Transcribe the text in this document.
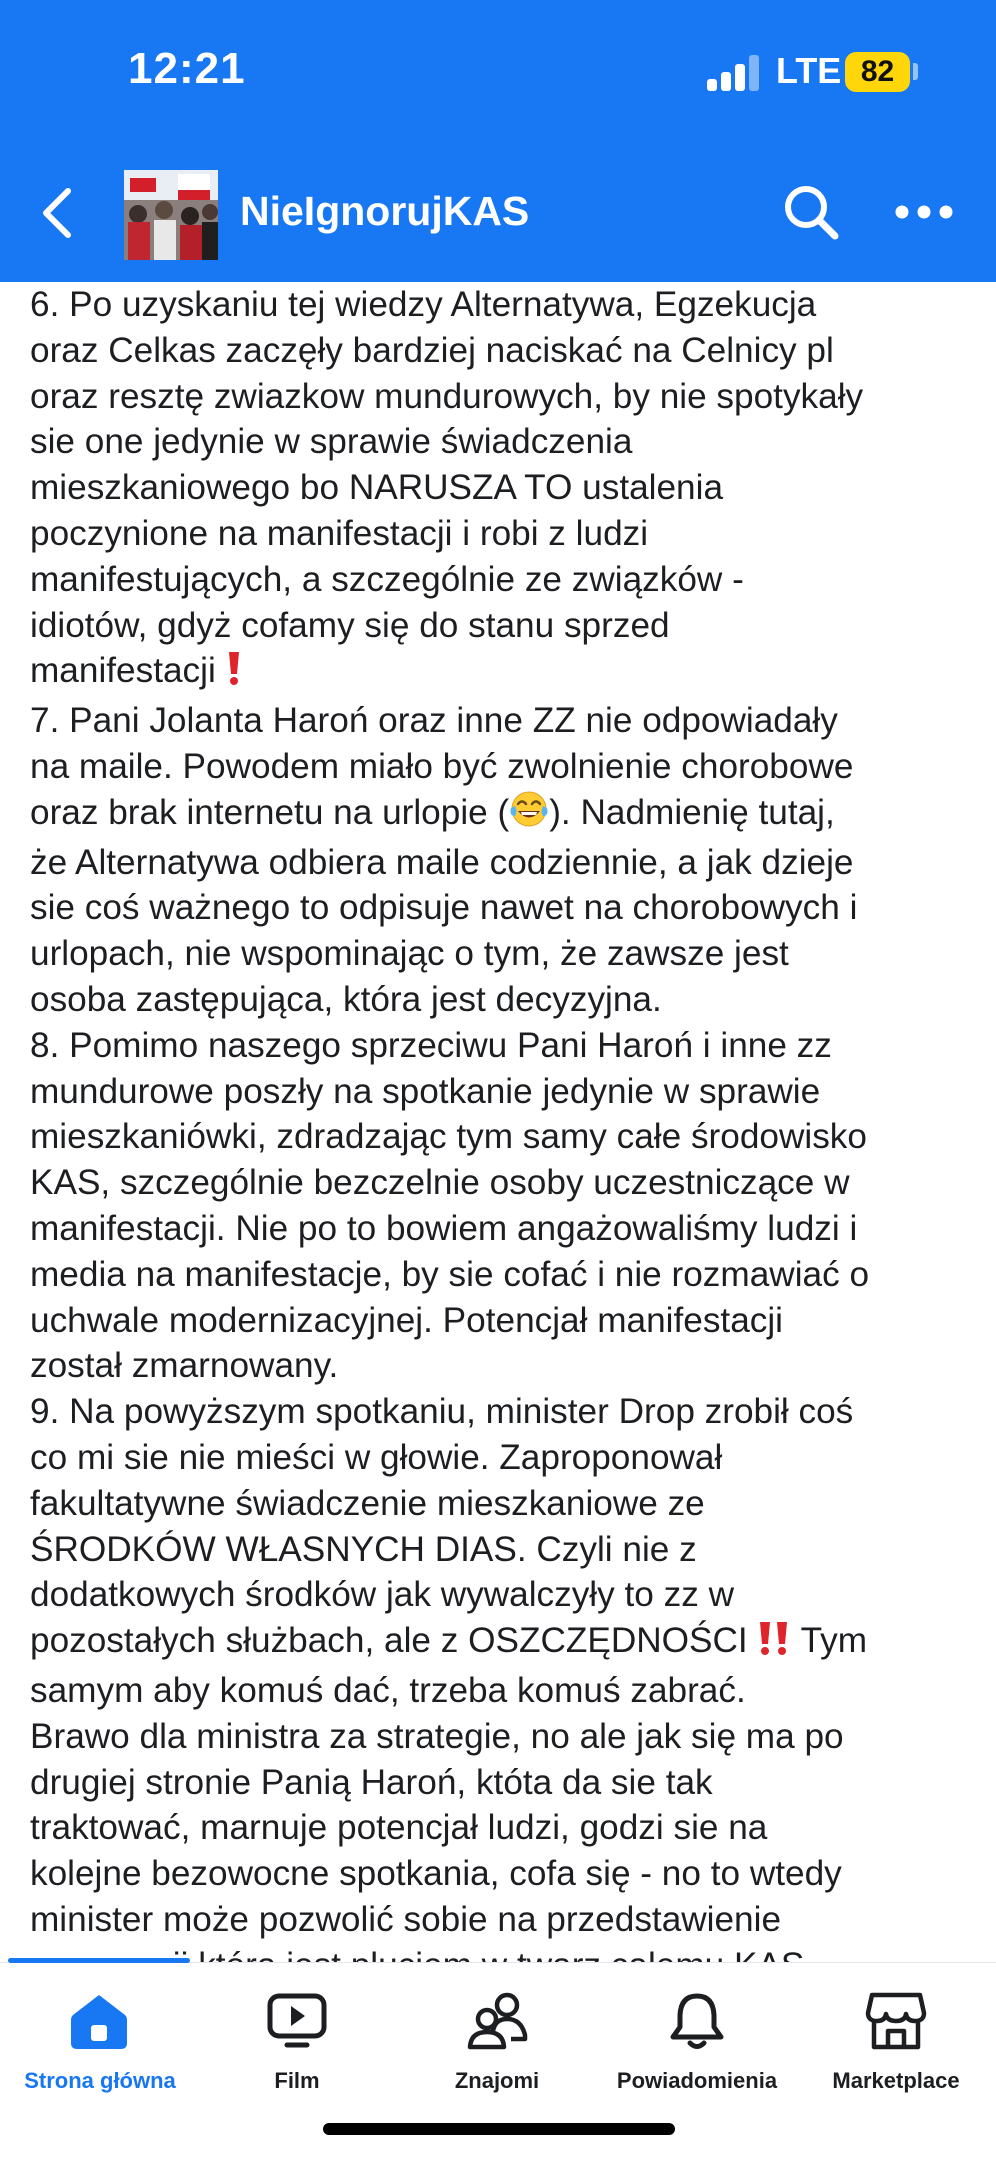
12:21	LTE 82
NieIgnorujKAS

6. Po uzyskaniu tej wiedzy Alternatywa, Egzekucja

oraz Celkas zaczęły bardziej naciskać na Celnicy pl

oraz resztę zwiazkow mundurowych, by nie spotykały

sie one jedynie w sprawie świadczenia

mieszkaniowego bo NARUSZA TO ustalenia

poczynione na manifestacji i robi z ludzi

manifestujących, a szczególnie ze związków -

idiotów, gdyż cofamy się do stanu sprzed

manifestacji

7. Pani Jolanta Haroń oraz inne ZZ nie odpowiadały

na maile. Powodem miało być zwolnienie chorobowe

oraz brak internetu na urlopie ( ). Nadmienię tutaj,

że Alternatywa odbiera maile codziennie, a jak dzieje

sie coś ważnego to odpisuje nawet na chorobowych i

urlopach, nie wspominając o tym, że zawsze jest

osoba zastępująca, która jest decyzyjna.

8. Pomimo naszego sprzeciwu Pani Haroń i inne zz

mundurowe poszły na spotkanie jedynie w sprawie

mieszkaniówki, zdradzając tym samy całe środowisko

KAS, szczególnie bezczelnie osoby uczestniczące w

manifestacji. Nie po to bowiem angażowaliśmy ludzi i

media na manifestacje, by sie cofać i nie rozmawiać o

uchwale modernizacyjnej. Potencjał manifestacji

został zmarnowany.

9. Na powyższym spotkaniu, minister Drop zrobił coś

co mi sie nie mieści w głowie. Zaproponował

fakultatywne świadczenie mieszkaniowe ze

ŚRODKÓW WŁASNYCH DIAS. Czyli nie z

dodatkowych środków jak wywalczyły to zz w

pozostałych służbach, ale z OSZCZĘDNOŚCI  Tym

samym aby komuś dać, trzeba komuś zabrać.

Brawo dla ministra za strategie, no ale jak się ma po

drugiej stronie Panią Haroń, któta da sie tak

traktować, marnuje potencjał ludzi, godzi sie na

kolejne bezowocne spotkania, cofa się - no to wtedy

minister może pozwolić sobie na przedstawienie

Strona główna	Film	Znajomi	Powiadomienia	Marketplace
